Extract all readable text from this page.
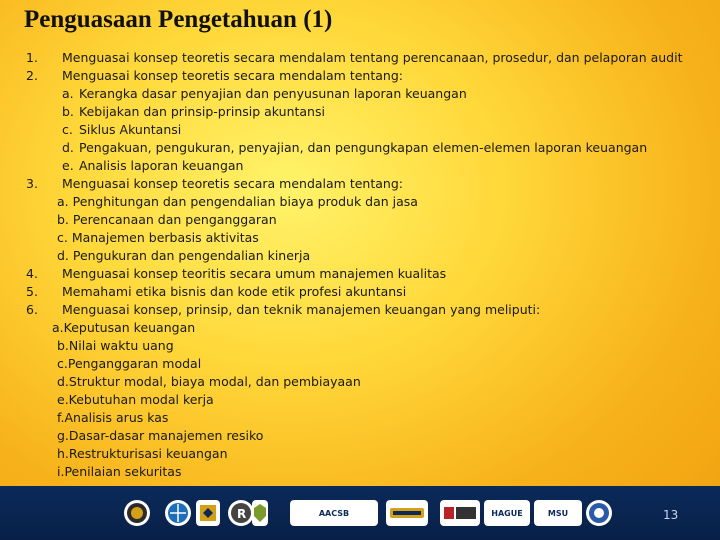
Penguasaan Pengetahuan (1)
1. Menguasai konsep teoretis secara mendalam tentang perencanaan, prosedur, dan pelaporan audit
2. Menguasai konsep teoretis secara mendalam tentang:
a. Kerangka dasar penyajian dan penyusunan laporan keuangan
b. Kebijakan dan prinsip-prinsip akuntansi
c. Siklus Akuntansi
d. Pengakuan, pengukuran, penyajian, dan pengungkapan elemen-elemen laporan keuangan
e. Analisis laporan keuangan
3. Menguasai konsep teoretis secara mendalam tentang:
a. Penghitungan dan pengendalian biaya produk dan jasa
b. Perencanaan dan penganggaran
c. Manajemen berbasis aktivitas
d. Pengukuran dan pengendalian kinerja
4. Menguasai konsep teoritis secara umum manajemen kualitas
5. Memahami etika bisnis dan kode etik profesi akuntansi
6. Menguasai konsep, prinsip, dan teknik manajemen keuangan yang meliputi:
a.Keputusan keuangan
b.Nilai waktu uang
c.Penganggaran modal
d.Struktur modal, biaya modal, dan pembiayaan
e.Kebutuhan modal kerja
f.Analisis arus kas
g.Dasar-dasar manajemen resiko
h.Restrukturisasi keuangan
i.Penilaian sekuritas
R	AACSB	HAGUE	MSU	13
